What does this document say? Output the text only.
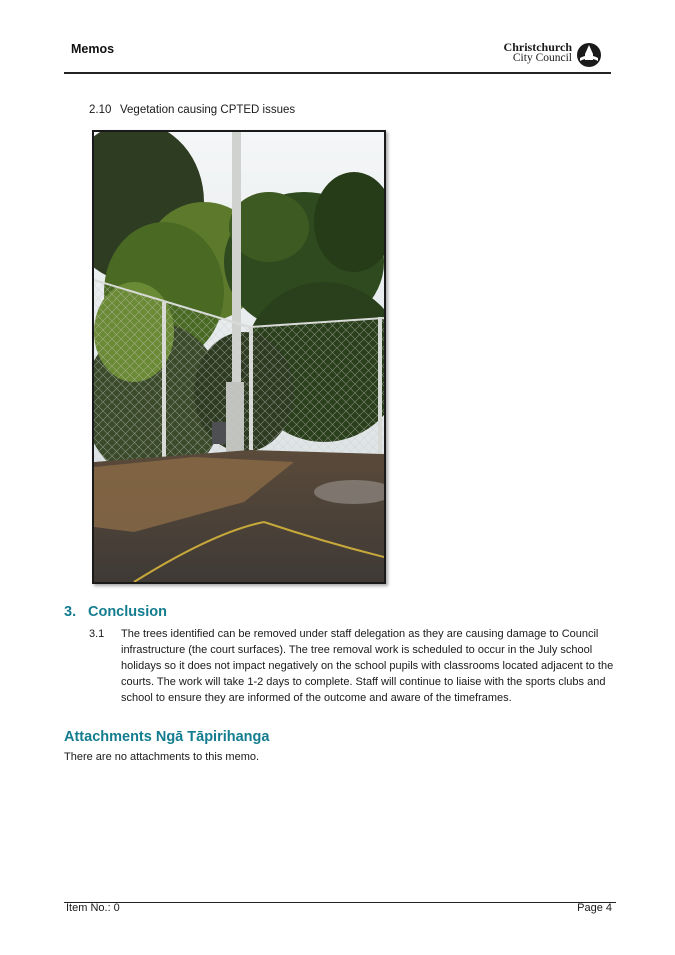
Memos	Christchurch
City Council
2.10 Vegetation causing CPTED issues
3. Conclusion
3.1 The trees identified can be removed under staff delegation as they are causing damage to Council infrastructure (the court surfaces). The tree removal work is scheduled to occur in the July school holidays so it does not impact negatively on the school pupils with classrooms located adjacent to the courts. The work will take 1-2 days to complete. Staff will continue to liaise with the sports clubs and school to ensure they are informed of the outcome and aware of the timeframes.
Attachments Ngā Tāpirihanga
There are no attachments to this memo.
Item No.: 0	Page 4
